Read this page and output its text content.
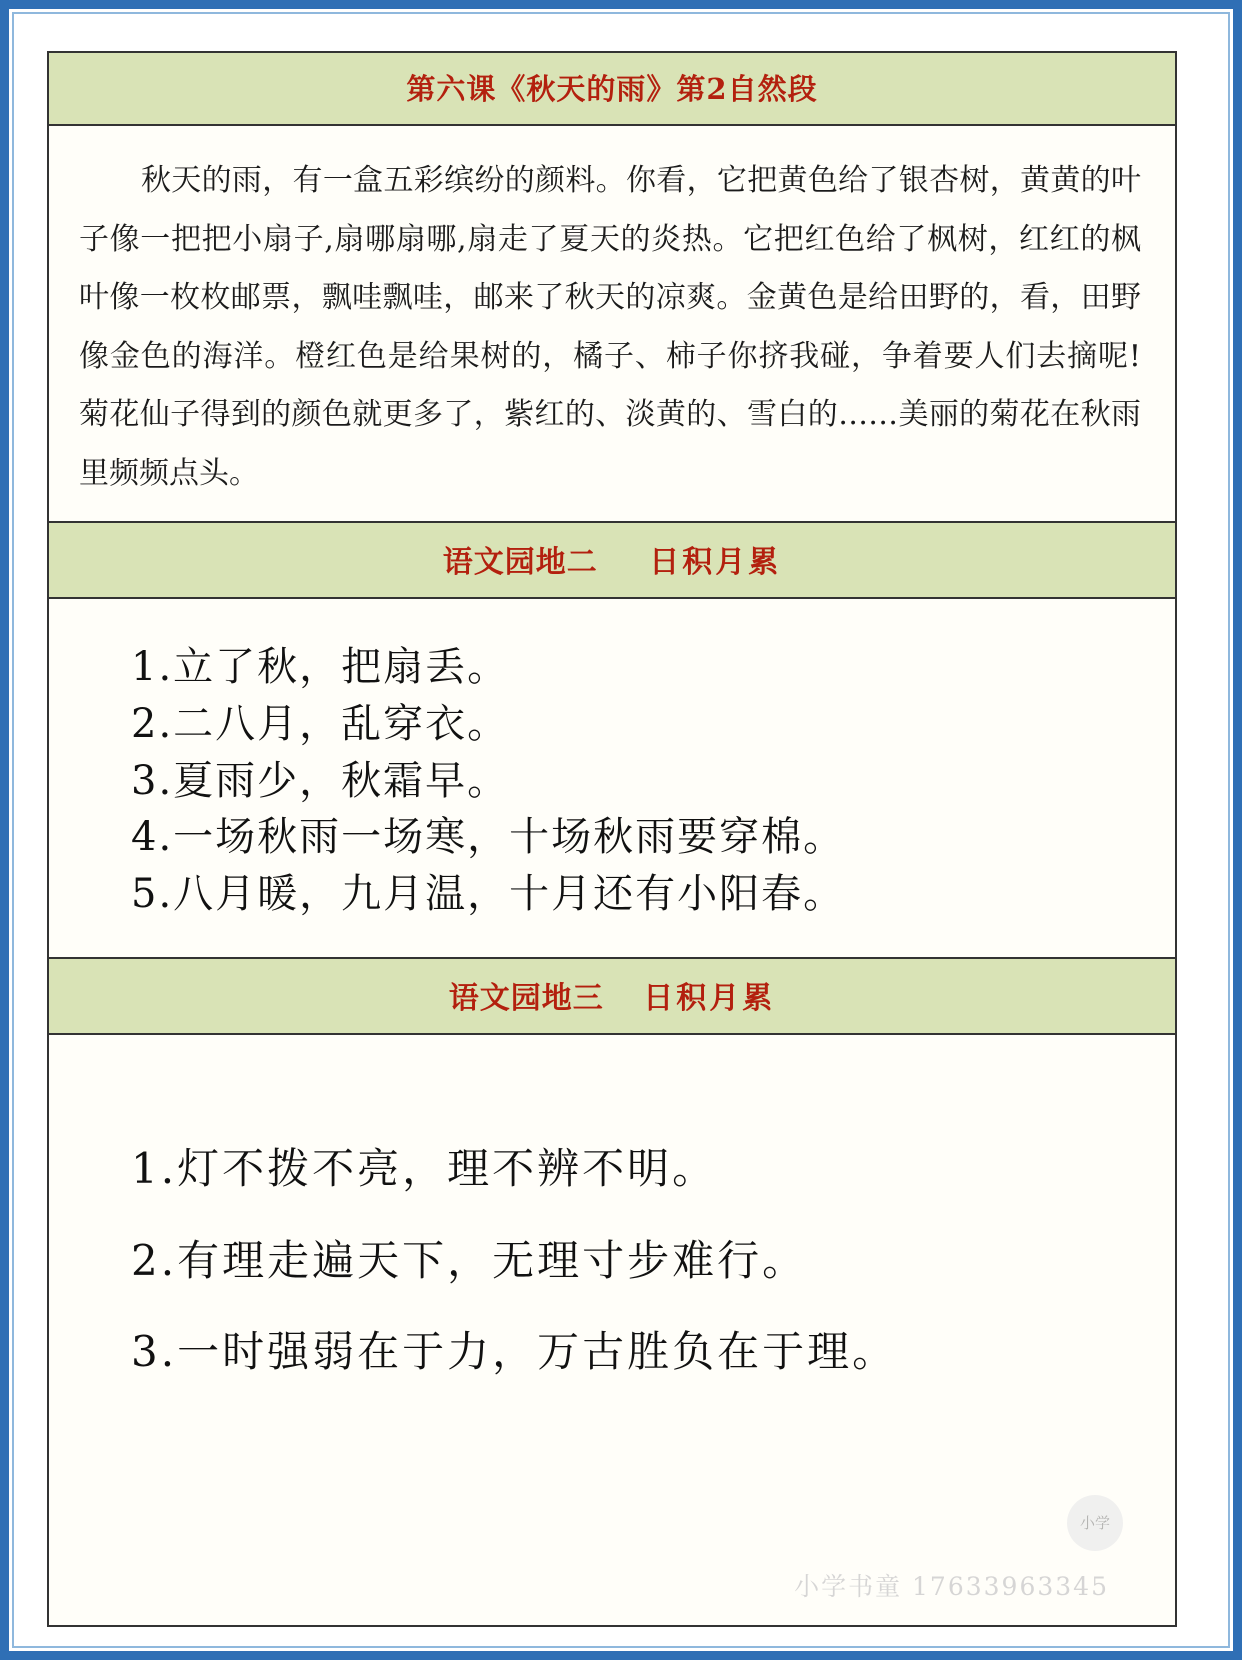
第六课《秋天的雨》第2自然段

秋天的雨，有一盒五彩缤纷的颜料。你看，它把黄色给了银杏树，黄黄的叶子像一把把小扇子,扇哪扇哪,扇走了夏天的炎热。它把红色给了枫树，红红的枫叶像一枚枚邮票，飘哇飘哇，邮来了秋天的凉爽。金黄色是给田野的，看，田野像金色的海洋。橙红色是给果树的，橘子、柿子你挤我碰，争着要人们去摘呢!菊花仙子得到的颜色就更多了，紫红的、淡黄的、雪白的……美丽的菊花在秋雨里频频点头。

语文园地二 日积月累
1.立了秋，把扇丢。
2.二八月，乱穿衣。
3.夏雨少，秋霜早。
4.一场秋雨一场寒，十场秋雨要穿棉。
5.八月暖，九月温，十月还有小阳春。
语文园地三 日积月累
1.灯不拨不亮，理不辨不明。
2.有理走遍天下，无理寸步难行。
3.一时强弱在于力，万古胜负在于理。
小学
小学书童 17633963345
